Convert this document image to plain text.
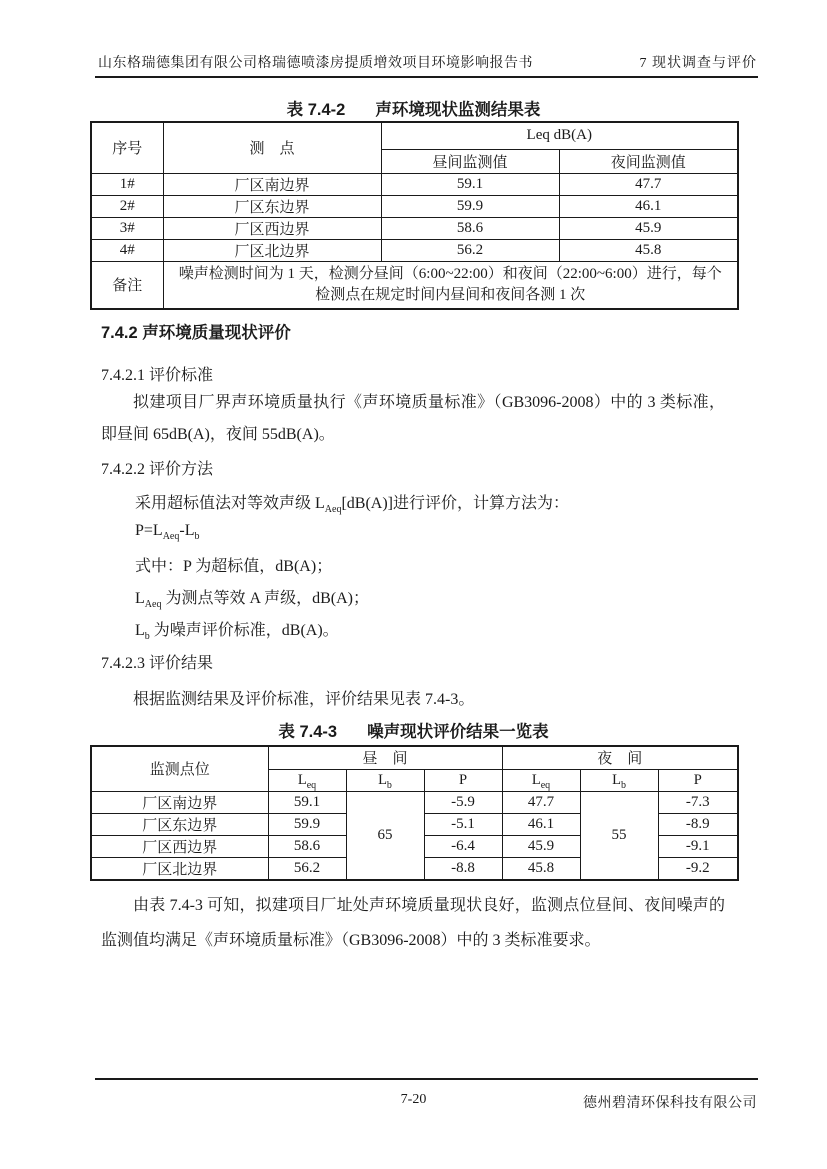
山东格瑞德集团有限公司格瑞德喷漆房提质增效项目环境影响报告书	7 现状调查与评价
表 7.4-2 声环境现状监测结果表
序号	测　点	Leq dB(A)	
		昼间监测值	夜间监测值
1#	厂区南边界	59.1	47.7
2#	厂区东边界	59.9	46.1
3#	厂区西边界	58.6	45.9
4#	厂区北边界	56.2	45.8
备注	噪声检测时间为 1 天，检测分昼间（6:00~22:00）和夜间（22:00~6:00）进行，每个检测点在规定时间内昼间和夜间各测 1 次		
7.4.2 声环境质量现状评价
7.4.2.1 评价标准
拟建项目厂界声环境质量执行《声环境质量标准》（GB3096-2008）中的 3 类标准，即昼间 65dB(A)，夜间 55dB(A)。
7.4.2.2 评价方法
采用超标值法对等效声级 $L_{Aeq}[dB(A)]$进行评价，计算方法为：
$P=L_{Aeq}-L_b$
式中：P 为超标值，dB(A)；
$L_{Aeq}$ 为测点等效 A 声级，dB(A)；
$L_b$ 为噪声评价标准，dB(A)。
7.4.2.3 评价结果
根据监测结果及评价标准，评价结果见表 7.4-3。
表 7.4-3 噪声现状评价结果一览表
监测点位	昼　间			夜　间		
	$L_{eq}$	$L_b$	P	$L_{eq}$	$L_b$	P
厂区南边界	59.1	65	-5.9	47.7	55	-7.3
厂区东边界	59.9		-5.1	46.1		-8.9
厂区西边界	58.6		-6.4	45.9		-9.1
厂区北边界	56.2		-8.8	45.8		-9.2
由表 7.4-3 可知，拟建项目厂址处声环境质量现状良好，监测点位昼间、夜间噪声的监测值均满足《声环境质量标准》（GB3096-2008）中的 3 类标准要求。
7-20	德州碧清环保科技有限公司
